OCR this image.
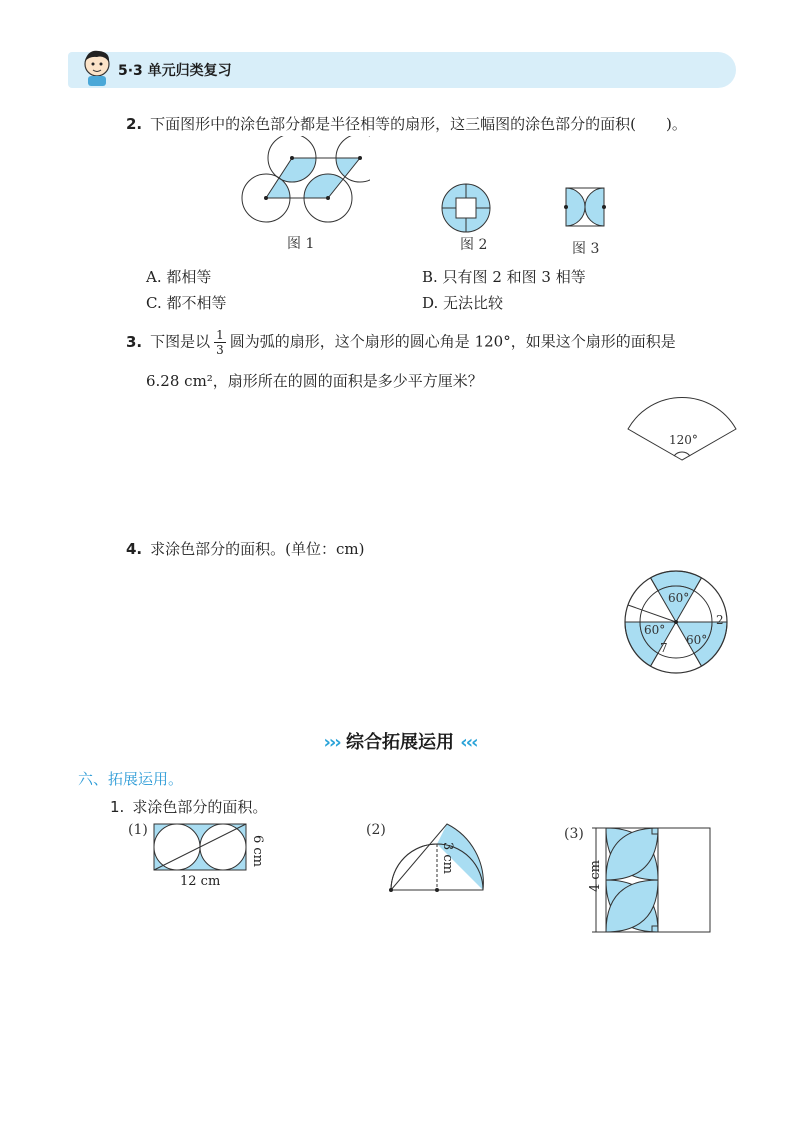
5·3 单元归类复习
2. 下面图形中的涂色部分都是半径相等的扇形，这三幅图的涂色部分的面积(　　)。
图 1	图 2	图 3
A. 都相等	B. 只有图 2 和图 3 相等
C. 都不相等	D. 无法比较
3. 下图是以 $\frac{1}{3}$ 圆为弧的扇形，这个扇形的圆心角是 120°，如果这个扇形的面积是
6.28 cm²，扇形所在的圆的面积是多少平方厘米？
120°
4. 求涂色部分的面积。(单位：cm)
60°
60°
60°
2
7
››› 综合拓展运用 ‹‹‹
六、拓展运用。
1. 求涂色部分的面积。
(1)
12 cm
6 cm
(2)
3 cm
(3)
4 cm
